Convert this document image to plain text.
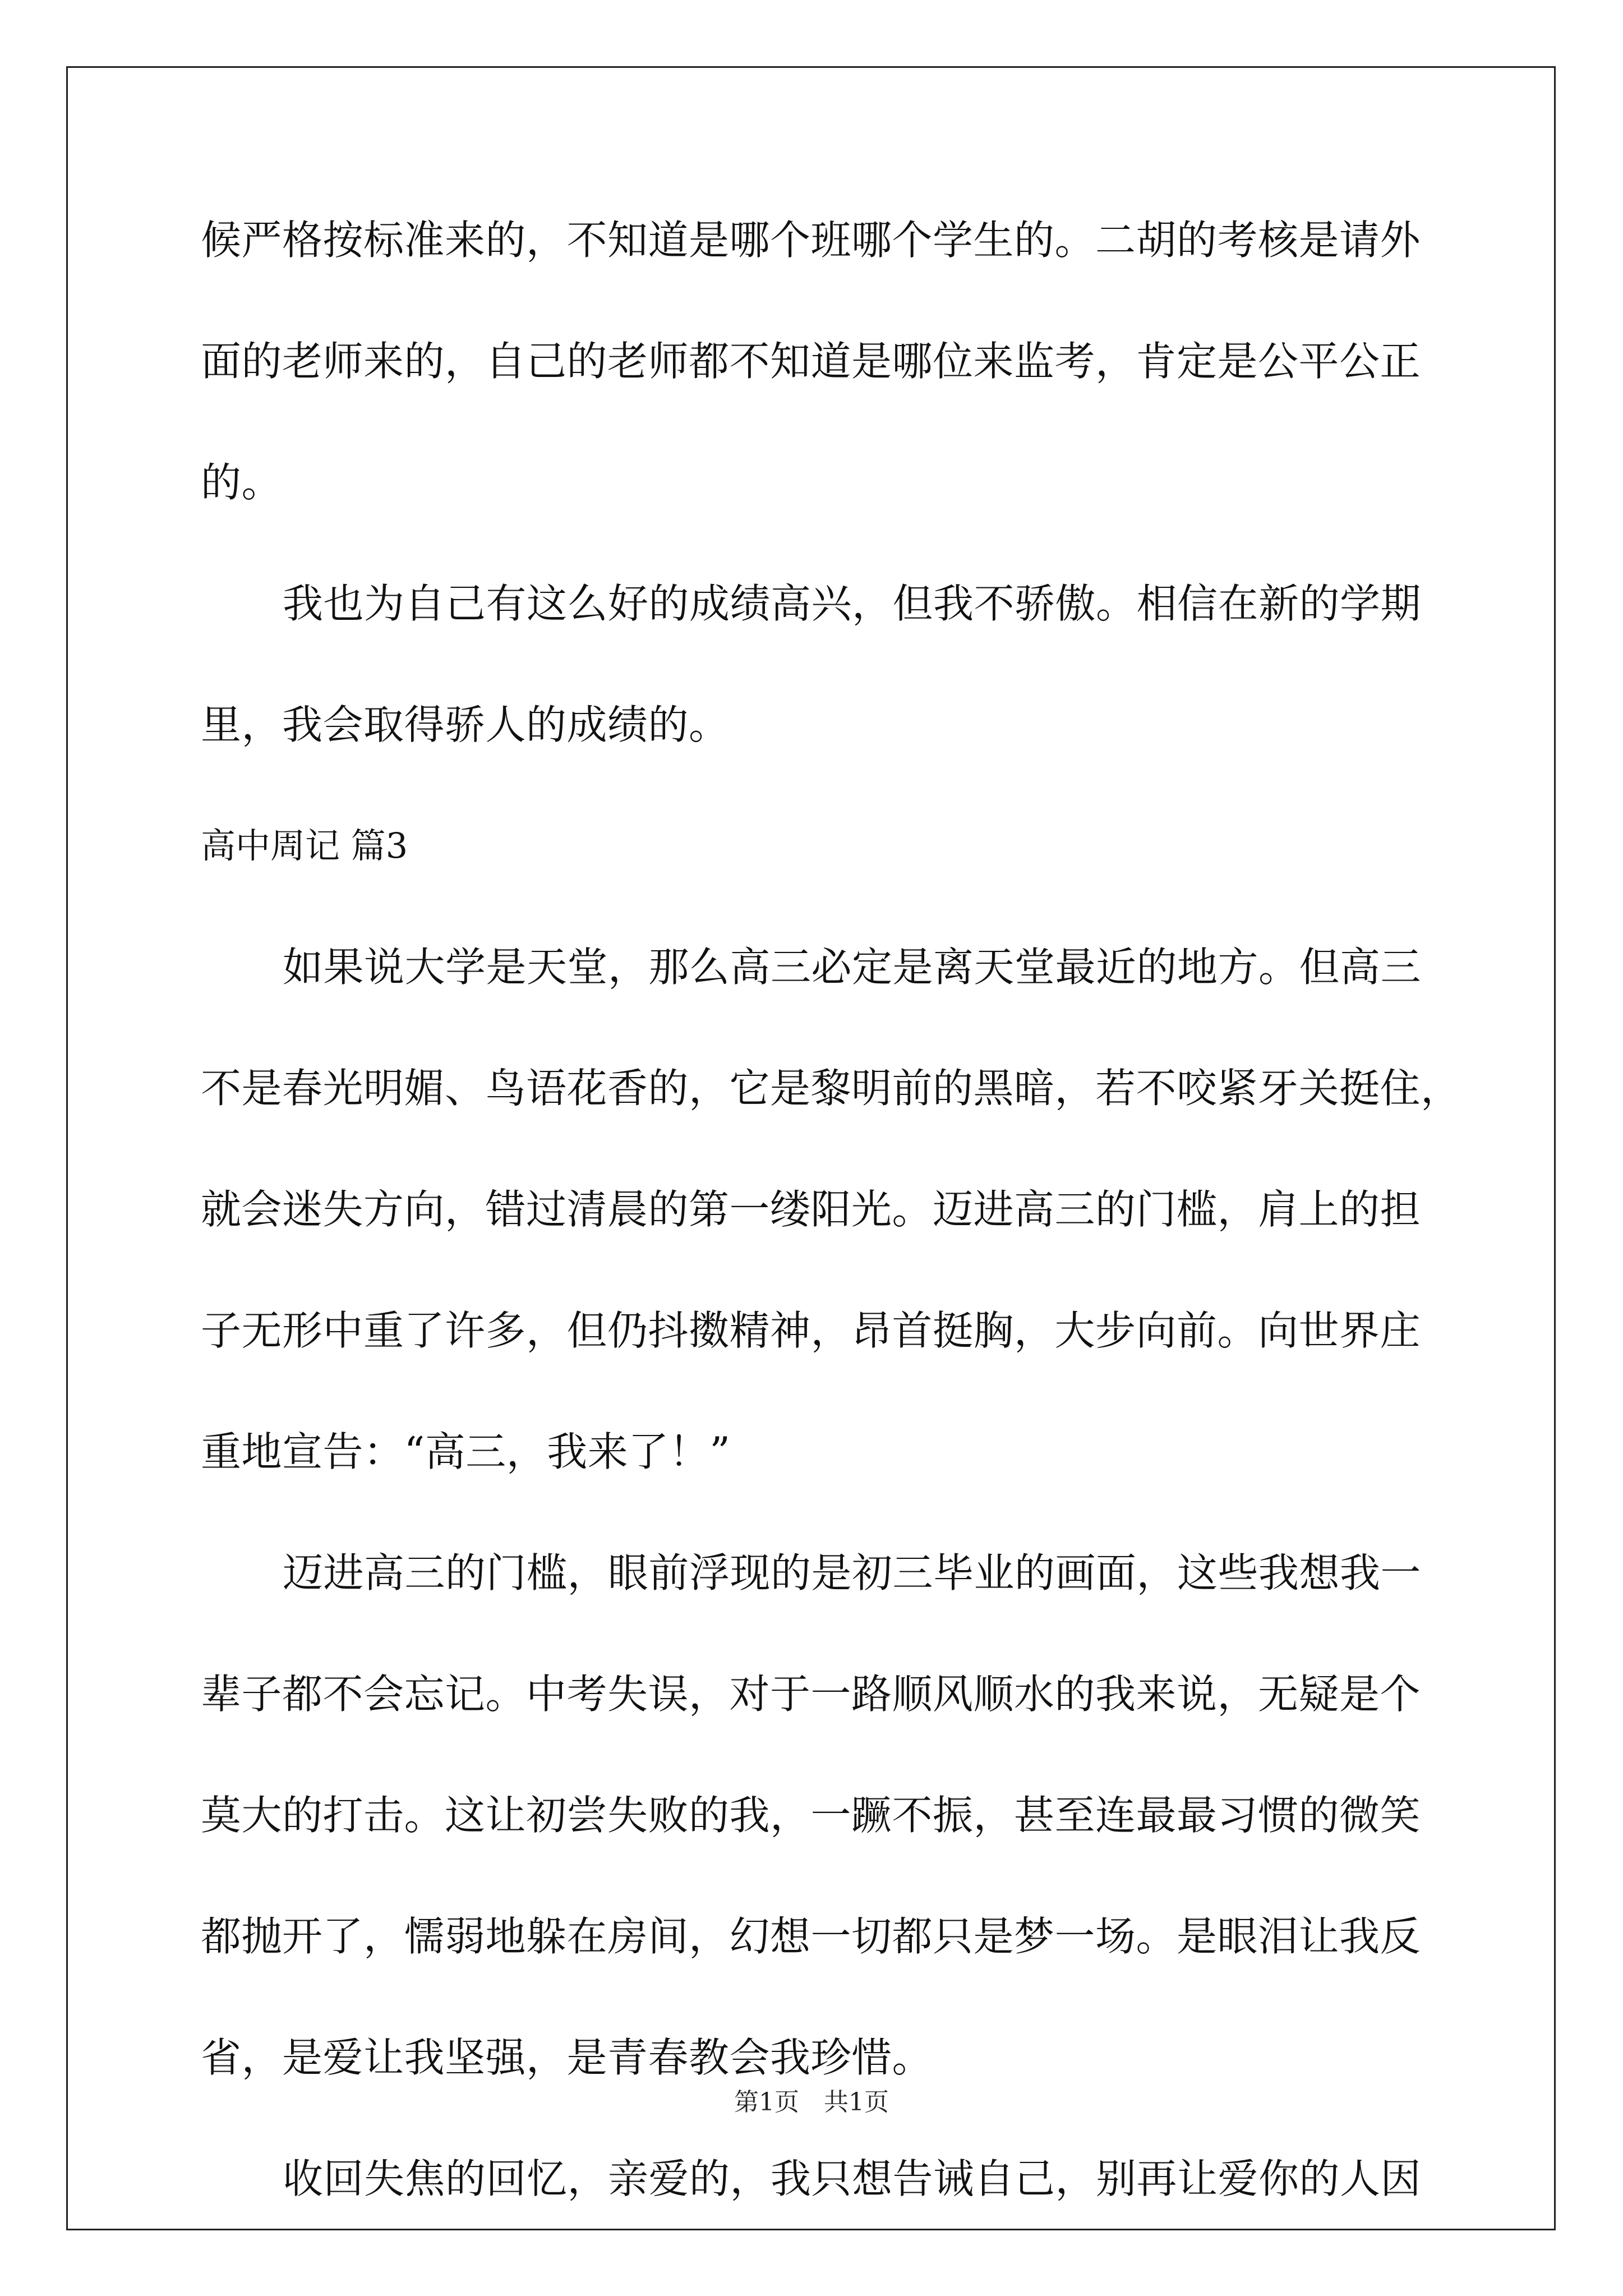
候严格按标准来的，不知道是哪个班哪个学生的。二胡的考核是请外
面的老师来的，自己的老师都不知道是哪位来监考，肯定是公平公正
的。
我也为自己有这么好的成绩高兴，但我不骄傲。相信在新的学期
里，我会取得骄人的成绩的。
高中周记 篇3
如果说大学是天堂，那么高三必定是离天堂最近的地方。但高三
不是春光明媚、鸟语花香的，它是黎明前的黑暗，若不咬紧牙关挺住，
就会迷失方向，错过清晨的第一缕阳光。迈进高三的门槛，肩上的担
子无形中重了许多，但仍抖擞精神，昂首挺胸，大步向前。向世界庄
重地宣告：“高三，我来了！”
迈进高三的门槛，眼前浮现的是初三毕业的画面，这些我想我一
辈子都不会忘记。中考失误，对于一路顺风顺水的我来说，无疑是个
莫大的打击。这让初尝失败的我，一蹶不振，甚至连最最习惯的微笑
都抛开了，懦弱地躲在房间，幻想一切都只是梦一场。是眼泪让我反
省，是爱让我坚强，是青春教会我珍惜。
收回失焦的回忆，亲爱的，我只想告诫自己，别再让爱你的人因
第1页　共1页
